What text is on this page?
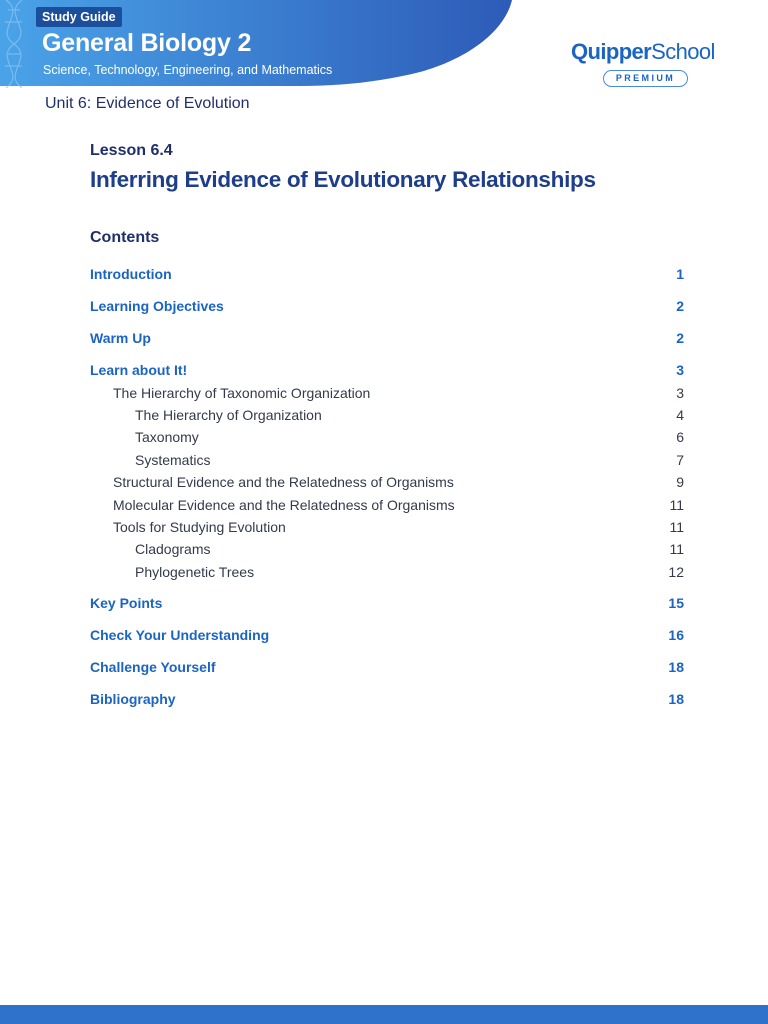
Study Guide
General Biology 2
Science, Technology, Engineering, and Mathematics
QuipperSchool
PREMIUM
Unit 6: Evidence of Evolution
Lesson 6.4
Inferring Evidence of Evolutionary Relationships
Contents
Introduction	1
Learning Objectives	2
Warm Up	2
Learn about It!	3
The Hierarchy of Taxonomic Organization	3
The Hierarchy of Organization	4
Taxonomy	6
Systematics	7
Structural Evidence and the Relatedness of Organisms	9
Molecular Evidence and the Relatedness of Organisms	11
Tools for Studying Evolution	11
Cladograms	11
Phylogenetic Trees	12
Key Points	15
Check Your Understanding	16
Challenge Yourself	18
Bibliography	18
